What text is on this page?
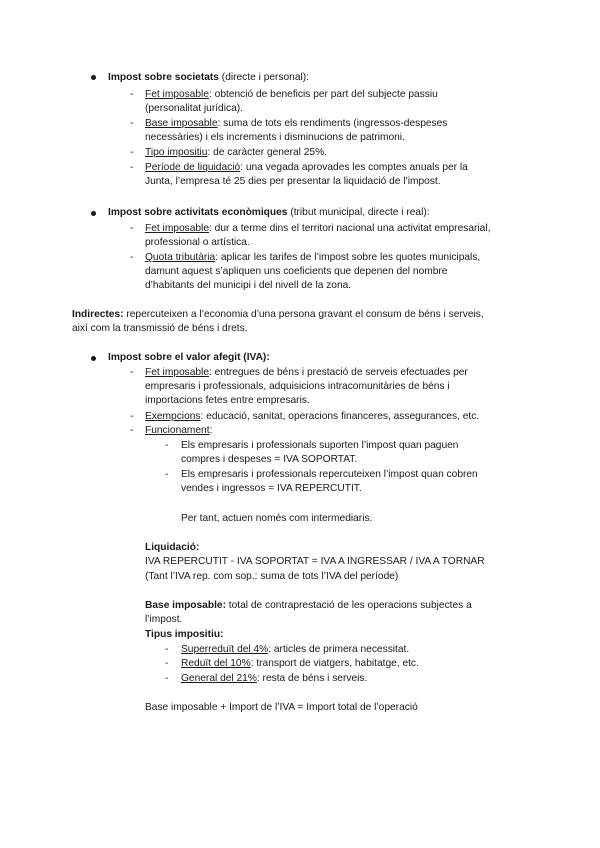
Impost sobre societats (directe i personal):
- Fet imposable: obtenció de beneficis per part del subjecte passiu
(personalitat jurídica).
- Base imposable: suma de tots els rendiments (ingressos-despeses
necessàries) i els increments i disminucions de patrimoni.
- Tipo impositiu: de caràcter general 25%.
- Període de liquidació: una vegada aprovades les comptes anuals per la
Junta, l’empresa té 25 dies per presentar la liquidació de l’impost.
Impost sobre activitats econòmiques (tribut municipal, directe i real):
- Fet imposable: dur a terme dins el territori nacional una activitat empresarial,
professional o artística.
- Quota tributària: aplicar les tarifes de l’impost sobre les quotes municipals,
damunt aquest s’apliquen uns coeficients que depenen del nombre
d’habitants del municipi i del nivell de la zona.
Indirectes: repercuteixen a l’economia d’una persona gravant el consum de béns i serveis,
així com la transmissió de béns i drets.
Impost sobre el valor afegit (IVA):
- Fet imposable: entregues de béns i prestació de serveis efectuades per
empresaris i professionals, adquisicions intracomunitàries de béns i
importacions fetes entre empresaris.
- Exempcions: educació, sanitat, operacions financeres, assegurances, etc.
- Funcionament:
- Els empresaris i professionals suporten l’impost quan paguen
compres i despeses = IVA SOPORTAT.
- Els empresaris i professionals repercuteixen l’impost quan cobren
vendes i ingressos = IVA REPERCUTIT.
Per tant, actuen només com intermediaris.
Liquidació:
IVA REPERCUTIT - IVA SOPORTAT = IVA A INGRESSAR / IVA A TORNAR
(Tant l’IVA rep. com sop.: suma de tots l’IVA del període)
Base imposable: total de contraprestació de les operacions subjectes a
l’impost.
Tipus impositiu:
- Superreduït del 4%: articles de primera necessitat.
- Reduït del 10%: transport de viatgers, habitatge, etc.
- General del 21%: resta de béns i serveis.
Base imposable + Import de l’IVA = Import total de l’operació
